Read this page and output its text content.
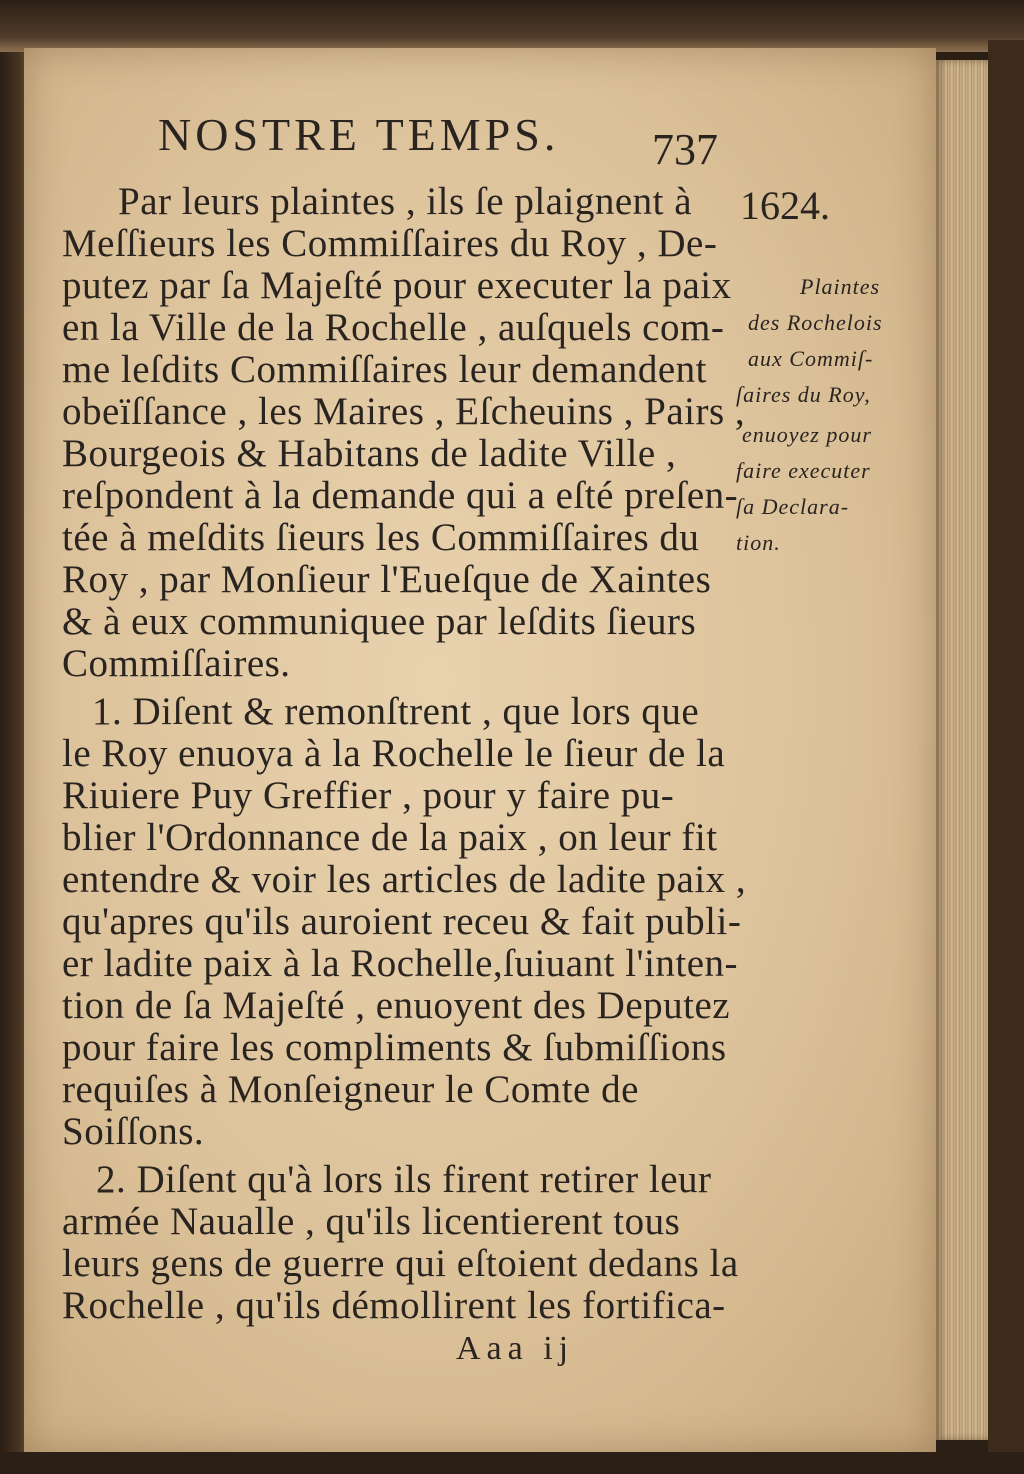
NOSTRE TEMPS. 737
1624.
Par leurs plaintes , ils ſe plaignent à
Meſſieurs les Commiſſaires du Roy , De-
putez par ſa Majeſté pour executer la paix
en la Ville de la Rochelle , auſquels com-
me leſdits Commiſſaires leur demandent
obeïſſance , les Maires , Eſcheuins , Pairs ,
Bourgeois & Habitans de ladite Ville ,
reſpondent à la demande qui a eſté preſen-
tée à meſdits ſieurs les Commiſſaires du
Roy , par Monſieur l'Eueſque de Xaintes
& à eux communiquee par leſdits ſieurs
Commiſſaires.
1. Diſent & remonſtrent , que lors que
le Roy enuoya à la Rochelle le ſieur de la
Riuiere Puy Greffier , pour y faire pu-
blier l'Ordonnance de la paix , on leur fit
entendre & voir les articles de ladite paix ,
qu'apres qu'ils auroient receu & fait publi-
er ladite paix à la Rochelle,ſuiuant l'inten-
tion de ſa Majeſté , enuoyent des Deputez
pour faire les compliments & ſubmiſſions
requiſes à Monſeigneur le Comte de
Soiſſons.
2. Diſent qu'à lors ils firent retirer leur
armée Naualle , qu'ils licentierent tous
leurs gens de guerre qui eſtoient dedans la
Rochelle , qu'ils démollirent les fortifica-
Plaintes
des Rochelois
aux Commiſ-
ſaires du Roy,
enuoyez pour
faire executer
ſa Declara-
tion.
Aaa ij
